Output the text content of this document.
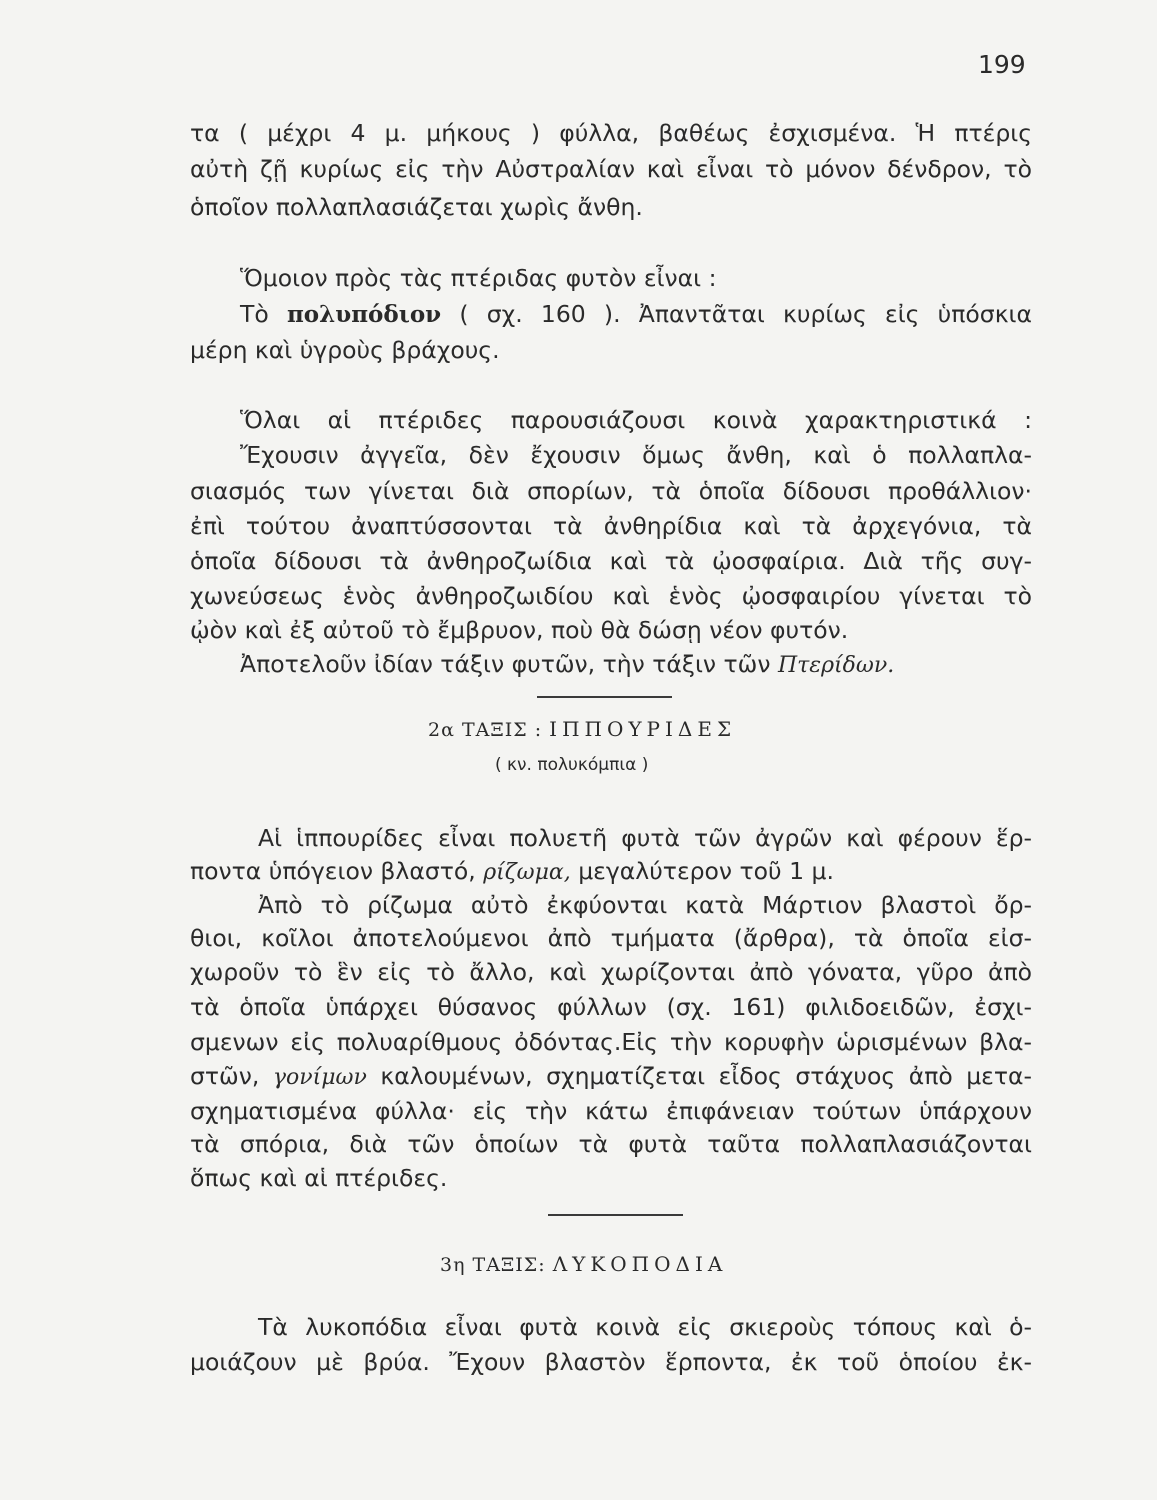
199
τα ( μέχρι 4 μ. μήκους ) φύλλα, βαθέως ἐσχισμένα. Ἡ πτέρις
αὐτὴ ζῇ κυρίως εἰς τὴν Αὐστραλίαν καὶ εἶναι τὸ μόνον δένδρον, τὸ
ὁποῖον πολλαπλασιάζεται χωρὶς ἄνθη.
Ὅμοιον πρὸς τὰς πτέριδας φυτὸν εἶναι :
Τὸ πολυπόδιον ( σχ. 160 ). Ἀπαντᾶται κυρίως εἰς ὑπόσκια
μέρη καὶ ὑγροὺς βράχους.
Ὅλαι αἱ πτέριδες παρουσιάζουσι κοινὰ χαρακτηριστικά :
Ἔχουσιν ἀγγεῖα, δὲν ἔχουσιν ὅμως ἄνθη, καὶ ὁ πολλαπλα-
σιασμός των γίνεται διὰ σπορίων, τὰ ὁποῖα δίδουσι προθάλλιον·
ἐπὶ τούτου ἀναπτύσσονται τὰ ἀνθηρίδια καὶ τὰ ἀρχεγόνια, τὰ
ὁποῖα δίδουσι τὰ ἀνθηροζωίδια καὶ τὰ ᾠοσφαίρια. Διὰ τῆς συγ-
χωνεύσεως ἑνὸς ἀνθηροζωιδίου καὶ ἑνὸς ᾠοσφαιρίου γίνεται τὸ
ᾠὸν καὶ ἐξ αὐτοῦ τὸ ἔμβρυον, ποὺ θὰ δώσῃ νέον φυτόν.
Ἀποτελοῦν ἰδίαν τάξιν φυτῶν, τὴν τάξιν τῶν Πτερίδων.
2α ΤΑΞΙΣ : ΙΠΠΟΥΡΙΔΕΣ
( κν. πολυκόμπια )
Αἱ ἱππουρίδες εἶναι πολυετῆ φυτὰ τῶν ἀγρῶν καὶ φέρουν ἕρ-
ποντα ὑπόγειον βλαστό, ρίζωμα, μεγαλύτερον τοῦ 1 μ.
Ἀπὸ τὸ ρίζωμα αὐτὸ ἐκφύονται κατὰ Μάρτιον βλαστοὶ ὄρ-
θιοι, κοῖλοι ἀποτελούμενοι ἀπὸ τμήματα (ἄρθρα), τὰ ὁποῖα εἰσ-
χωροῦν τὸ ἓν εἰς τὸ ἄλλο, καὶ χωρίζονται ἀπὸ γόνατα, γῦρο ἀπὸ
τὰ ὁποῖα ὑπάρχει θύσανος φύλλων (σχ. 161) φιλιδοειδῶν, ἐσχι-
σμενων εἰς πολυαρίθμους ὀδόντας.Εἰς τὴν κορυφὴν ὡρισμένων βλα-
στῶν, γονίμων καλουμένων, σχηματίζεται εἶδος στάχυος ἀπὸ μετα-
σχηματισμένα φύλλα· εἰς τὴν κάτω ἐπιφάνειαν τούτων ὑπάρχουν
τὰ σπόρια, διὰ τῶν ὁποίων τὰ φυτὰ ταῦτα πολλαπλασιάζονται
ὅπως καὶ αἱ πτέριδες.
3η ΤΑΞΙΣ: ΛΥΚΟΠΟΔΙΑ
Τὰ λυκοπόδια εἶναι φυτὰ κοινὰ εἰς σκιεροὺς τόπους καὶ ὁ-
μοιάζουν μὲ βρύα. Ἔχουν βλαστὸν ἕρποντα, ἐκ τοῦ ὁποίου ἐκ-
